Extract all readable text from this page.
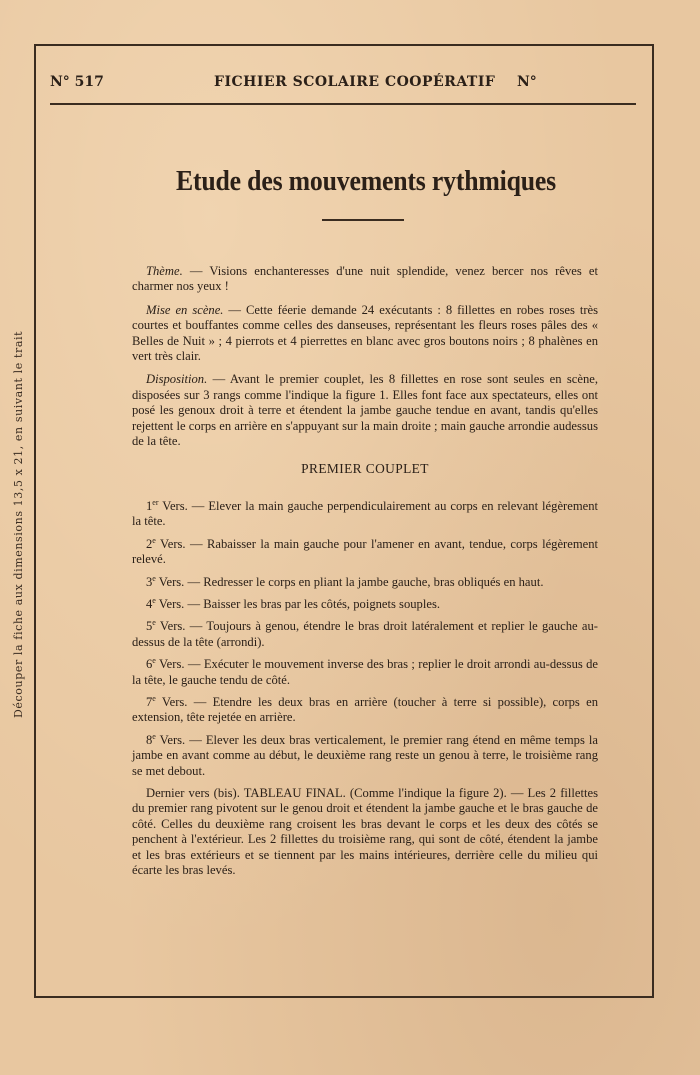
Découper la fiche aux dimensions 13,5 x 21, en suivant le trait
N° 517	FICHIER SCOLAIRE COOPÉRATIF N°
Etude des mouvements rythmiques

Thème. — Visions enchanteresses d'une nuit splendide, venez bercer nos rêves et charmer nos yeux !

Mise en scène. — Cette féerie demande 24 exécutants : 8 fillettes en robes roses très courtes et bouffantes comme celles des danseuses, représentant les fleurs roses pâles des « Belles de Nuit » ; 4 pierrots et 4 pierrettes en blanc avec gros boutons noirs ; 8 phalènes en vert très clair.

Disposition. — Avant le premier couplet, les 8 fillettes en rose sont seules en scène, disposées sur 3 rangs comme l'indique la figure 1. Elles font face aux spectateurs, elles ont posé les genoux droit à terre et étendent la jambe gauche tendue en avant, tandis qu'elles rejettent le corps en arrière en s'appuyant sur la main droite ; main gauche arrondie audessus de la tête.

PREMIER COUPLET

1er Vers. — Elever la main gauche perpendiculairement au corps en relevant légèrement la tête.

2e Vers. — Rabaisser la main gauche pour l'amener en avant, tendue, corps légèrement relevé.

3e Vers. — Redresser le corps en pliant la jambe gauche, bras obliqués en haut.

4e Vers. — Baisser les bras par les côtés, poignets souples.

5e Vers. — Toujours à genou, étendre le bras droit latéralement et replier le gauche au-dessus de la tête (arrondi).

6e Vers. — Exécuter le mouvement inverse des bras ; replier le droit arrondi au-dessus de la tête, le gauche tendu de côté.

7e Vers. — Etendre les deux bras en arrière (toucher à terre si possible), corps en extension, tête rejetée en arrière.

8e Vers. — Elever les deux bras verticalement, le premier rang étend en même temps la jambe en avant comme au début, le deuxième rang reste un genou à terre, le troisième rang se met debout.

Dernier vers (bis). TABLEAU FINAL. (Comme l'indique la figure 2). — Les 2 fillettes du premier rang pivotent sur le genou droit et étendent la jambe gauche et le bras gauche de côté. Celles du deuxième rang croisent les bras devant le corps et les deux des côtés se penchent à l'extérieur. Les 2 fillettes du troisième rang, qui sont de côté, étendent la jambe et les bras extérieurs et se tiennent par les mains intérieures, derrière celle du milieu qui écarte les bras levés.
